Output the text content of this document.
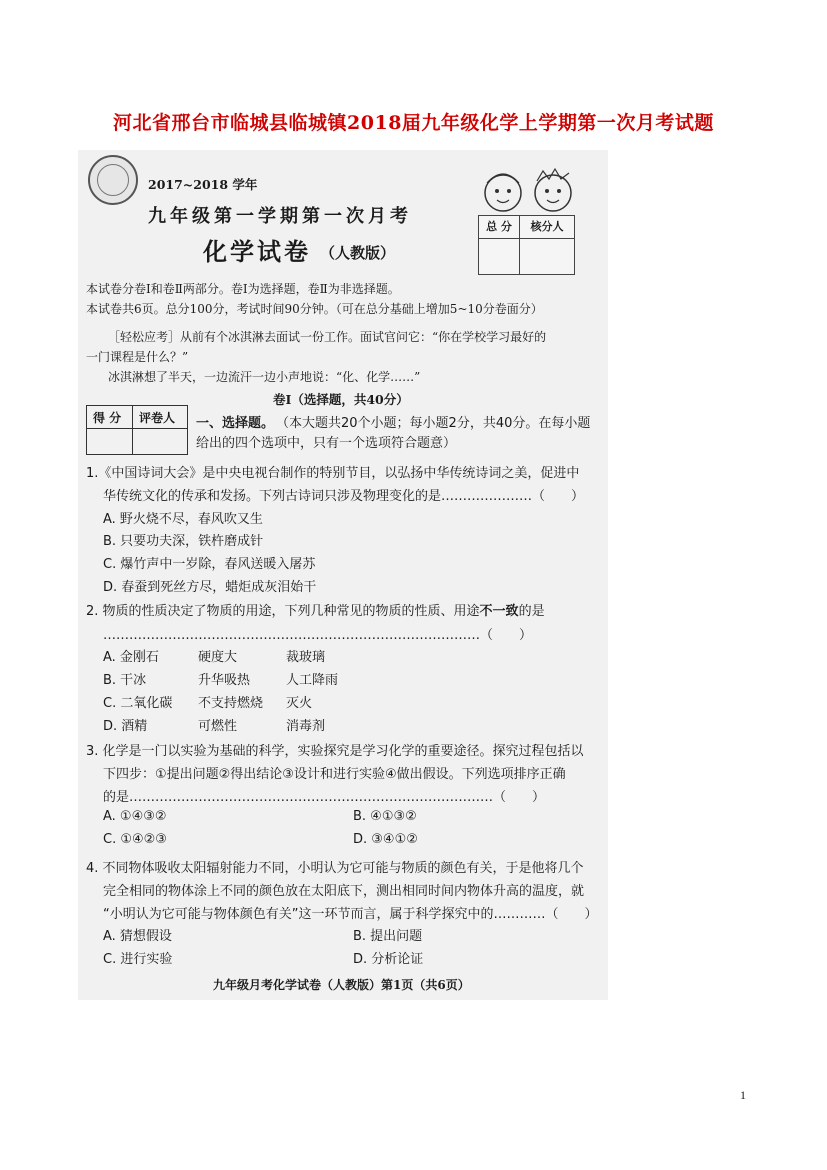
河北省邢台市临城县临城镇2018届九年级化学上学期第一次月考试题
2017~2018 学年
九年级第一学期第一次月考
化学试卷 （人教版）
总 分	核分人
本试卷分卷Ⅰ和卷Ⅱ两部分。卷Ⅰ为选择题，卷Ⅱ为非选择题。
本试卷共6页。总分100分，考试时间90分钟。（可在总分基础上增加5~10分卷面分）
［轻松应考］从前有个冰淇淋去面试一份工作。面试官问它：“你在学校学习最好的
一门课程是什么？”
冰淇淋想了半天，一边流汗一边小声地说：“化、化学……”
卷Ⅰ（选择题，共40分）
得 分 评卷人 一、选择题。 （本大题共20个小题；每小题2分，共40分。在每小题
给出的四个选项中，只有一个选项符合题意）
1.《中国诗词大会》是中央电视台制作的特别节目，以弘扬中华传统诗词之美，促进中
华传统文化的传承和发扬。下列古诗词只涉及物理变化的是…………………（　　）
A. 野火烧不尽，春风吹又生
B. 只要功夫深，铁杵磨成针
C. 爆竹声中一岁除，春风送暖入屠苏
D. 春蚕到死丝方尽，蜡炬成灰泪始干
2. 物质的性质决定了物质的用途，下列几种常见的物质的性质、用途不一致的是
……………………………………………………………………………（　　）
A. 金刚石	硬度大	裁玻璃
B. 干冰	升华吸热	人工降雨
C. 二氧化碳 不支持燃烧 灭火
D. 酒精	可燃性	消毒剂
3. 化学是一门以实验为基础的科学，实验探究是学习化学的重要途径。探究过程包括以
下四步：①提出问题②得出结论③设计和进行实验④做出假设。下列选项排序正确
的是…………………………………………………………………………（　　）
A. ①④③②	B. ④①③②
C. ①④②③	D. ③④①②
4. 不同物体吸收太阳辐射能力不同，小明认为它可能与物质的颜色有关，于是他将几个
完全相同的物体涂上不同的颜色放在太阳底下，测出相同时间内物体升高的温度，就
“小明认为它可能与物体颜色有关”这一环节而言，属于科学探究中的…………（　　）
A. 猜想假设	B. 提出问题
C. 进行实验	D. 分析论证
九年级月考化学试卷（人教版）第1页（共6页）
1
